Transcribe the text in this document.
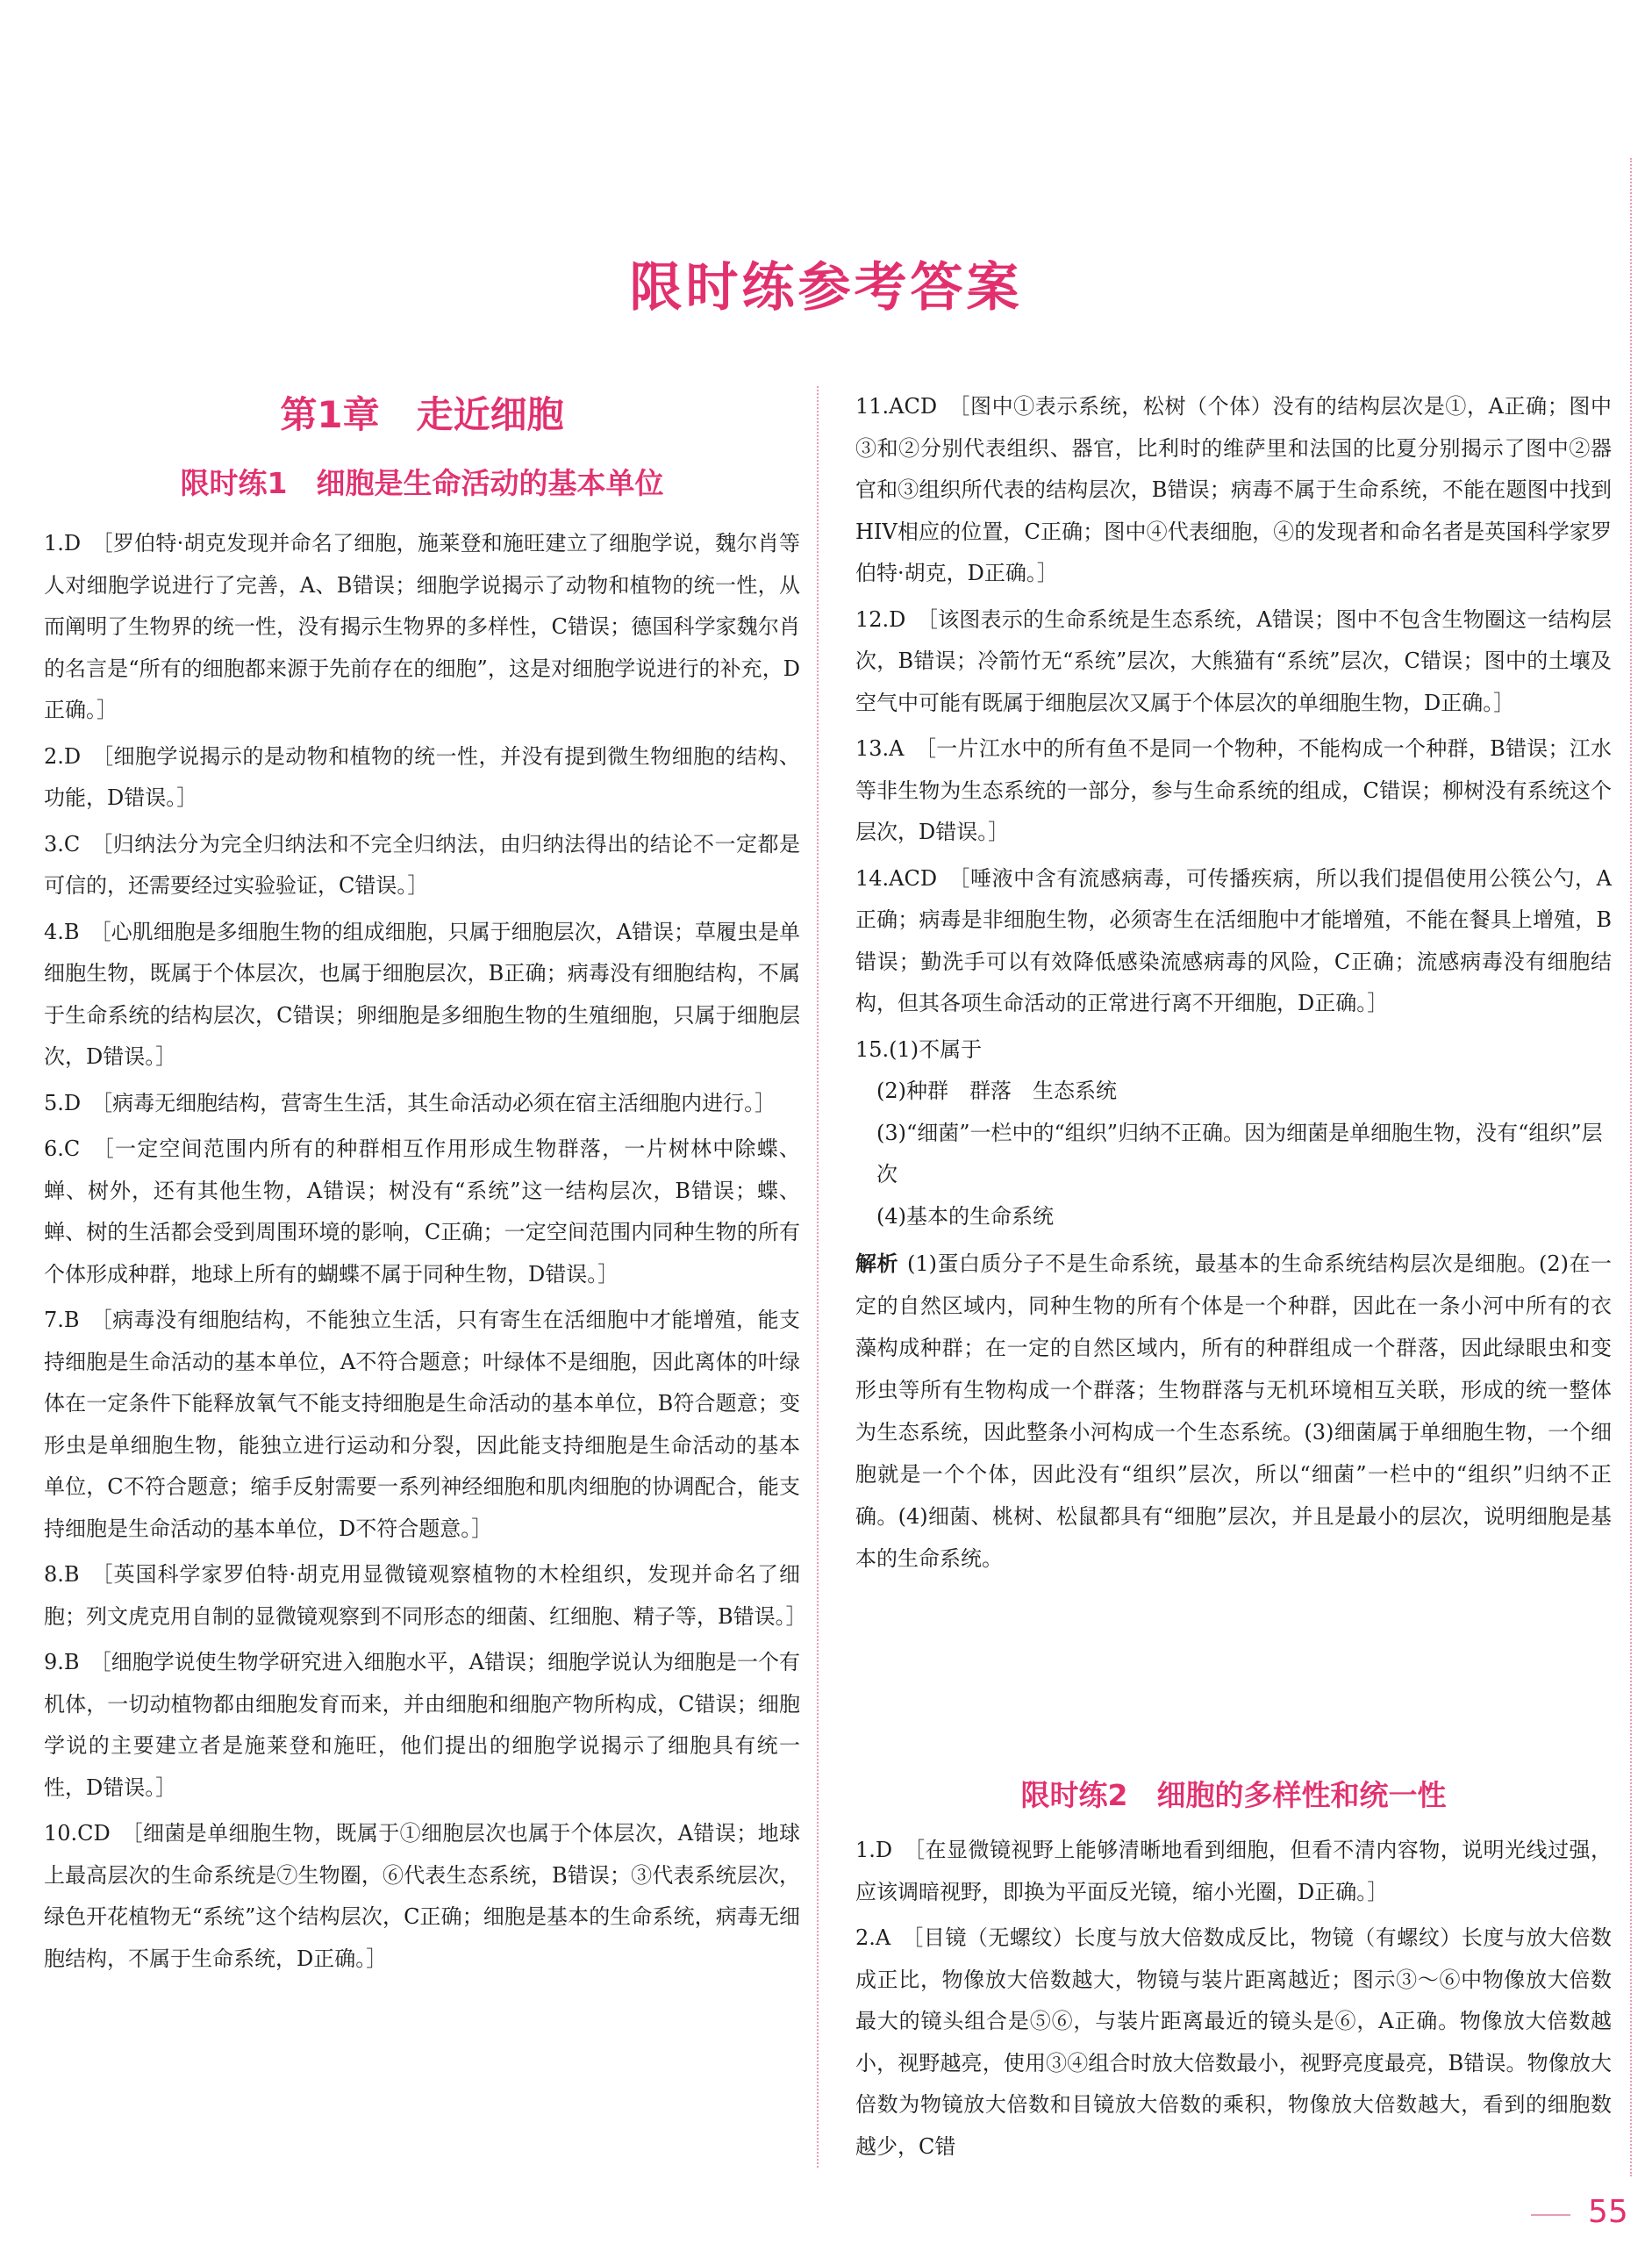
限时练参考答案
第1章　走近细胞
限时练1　细胞是生命活动的基本单位

1.D　 ［罗伯特·胡克发现并命名了细胞，施莱登和施旺建立了细胞学说，魏尔肖等人对细胞学说进行了完善，A、B错误；细胞学说揭示了动物和植物的统一性，从而阐明了生物界的统一性，没有揭示生物界的多样性，C错误；德国科学家魏尔肖的名言是“所有的细胞都来源于先前存在的细胞”，这是对细胞学说进行的补充，D正确。］

2.D　 ［细胞学说揭示的是动物和植物的统一性，并没有提到微生物细胞的结构、功能，D错误。］

3.C　 ［归纳法分为完全归纳法和不完全归纳法，由归纳法得出的结论不一定都是可信的，还需要经过实验验证，C错误。］

4.B　 ［心肌细胞是多细胞生物的组成细胞，只属于细胞层次，A错误；草履虫是单细胞生物，既属于个体层次，也属于细胞层次，B正确；病毒没有细胞结构，不属于生命系统的结构层次，C错误；卵细胞是多细胞生物的生殖细胞，只属于细胞层次，D错误。］

5.D　 ［病毒无细胞结构，营寄生生活，其生命活动必须在宿主活细胞内进行。］

6.C　 ［一定空间范围内所有的种群相互作用形成生物群落，一片树林中除蝶、蝉、树外，还有其他生物，A错误；树没有“系统”这一结构层次，B错误；蝶、蝉、树的生活都会受到周围环境的影响，C正确；一定空间范围内同种生物的所有个体形成种群，地球上所有的蝴蝶不属于同种生物，D错误。］

7.B　 ［病毒没有细胞结构，不能独立生活，只有寄生在活细胞中才能增殖，能支持细胞是生命活动的基本单位，A不符合题意；叶绿体不是细胞，因此离体的叶绿体在一定条件下能释放氧气不能支持细胞是生命活动的基本单位，B符合题意；变形虫是单细胞生物，能独立进行运动和分裂，因此能支持细胞是生命活动的基本单位，C不符合题意；缩手反射需要一系列神经细胞和肌肉细胞的协调配合，能支持细胞是生命活动的基本单位，D不符合题意。］

8.B　 ［英国科学家罗伯特·胡克用显微镜观察植物的木栓组织，发现并命名了细胞；列文虎克用自制的显微镜观察到不同形态的细菌、红细胞、精子等，B错误。］

9.B　 ［细胞学说使生物学研究进入细胞水平，A错误；细胞学说认为细胞是一个有机体，一切动植物都由细胞发育而来，并由细胞和细胞产物所构成，C错误；细胞学说的主要建立者是施莱登和施旺，他们提出的细胞学说揭示了细胞具有统一性，D错误。］

10.CD　 ［细菌是单细胞生物，既属于①细胞层次也属于个体层次，A错误；地球上最高层次的生命系统是⑦生物圈，⑥代表生态系统，B错误；③代表系统层次，绿色开花植物无“系统”这个结构层次，C正确；细胞是基本的生命系统，病毒无细胞结构，不属于生命系统，D正确。］

11.ACD　 ［图中①表示系统，松树（个体）没有的结构层次是①，A正确；图中③和②分别代表组织、器官，比利时的维萨里和法国的比夏分别揭示了图中②器官和③组织所代表的结构层次，B错误；病毒不属于生命系统，不能在题图中找到HIV相应的位置，C正确；图中④代表细胞，④的发现者和命名者是英国科学家罗伯特·胡克，D正确。］

12.D　 ［该图表示的生命系统是生态系统，A错误；图中不包含生物圈这一结构层次，B错误；冷箭竹无“系统”层次，大熊猫有“系统”层次，C错误；图中的土壤及空气中可能有既属于细胞层次又属于个体层次的单细胞生物，D正确。］

13.A　 ［一片江水中的所有鱼不是同一个物种，不能构成一个种群，B错误；江水等非生物为生态系统的一部分，参与生命系统的组成，C错误；柳树没有系统这个层次，D错误。］

14.ACD　 ［唾液中含有流感病毒，可传播疾病，所以我们提倡使用公筷公勺，A正确；病毒是非细胞生物，必须寄生在活细胞中才能增殖，不能在餐具上增殖，B错误；勤洗手可以有效降低感染流感病毒的风险，C正确；流感病毒没有细胞结构，但其各项生命活动的正常进行离不开细胞，D正确。］

15.(1)不属于

(2)种群　群落　生态系统

(3)“细菌”一栏中的“组织”归纳不正确。因为细菌是单细胞生物，没有“组织”层次

(4)基本的生命系统

解析 (1)蛋白质分子不是生命系统，最基本的生命系统结构层次是细胞。(2)在一定的自然区域内，同种生物的所有个体是一个种群，因此在一条小河中所有的衣藻构成种群；在一定的自然区域内，所有的种群组成一个群落，因此绿眼虫和变形虫等所有生物构成一个群落；生物群落与无机环境相互关联，形成的统一整体为生态系统，因此整条小河构成一个生态系统。(3)细菌属于单细胞生物，一个细胞就是一个个体，因此没有“组织”层次，所以“细菌”一栏中的“组织”归纳不正确。(4)细菌、桃树、松鼠都具有“细胞”层次，并且是最小的层次，说明细胞是基本的生命系统。

限时练2　细胞的多样性和统一性

1.D　 ［在显微镜视野上能够清晰地看到细胞，但看不清内容物，说明光线过强，应该调暗视野，即换为平面反光镜，缩小光圈，D正确。］

2.A　 ［目镜（无螺纹）长度与放大倍数成反比，物镜（有螺纹）长度与放大倍数成正比，物像放大倍数越大，物镜与装片距离越近；图示③～⑥中物像放大倍数最大的镜头组合是⑤⑥，与装片距离最近的镜头是⑥，A正确。物像放大倍数越小，视野越亮，使用③④组合时放大倍数最小，视野亮度最亮，B错误。物像放大倍数为物镜放大倍数和目镜放大倍数的乘积，物像放大倍数越大，看到的细胞数越少，C错

55
